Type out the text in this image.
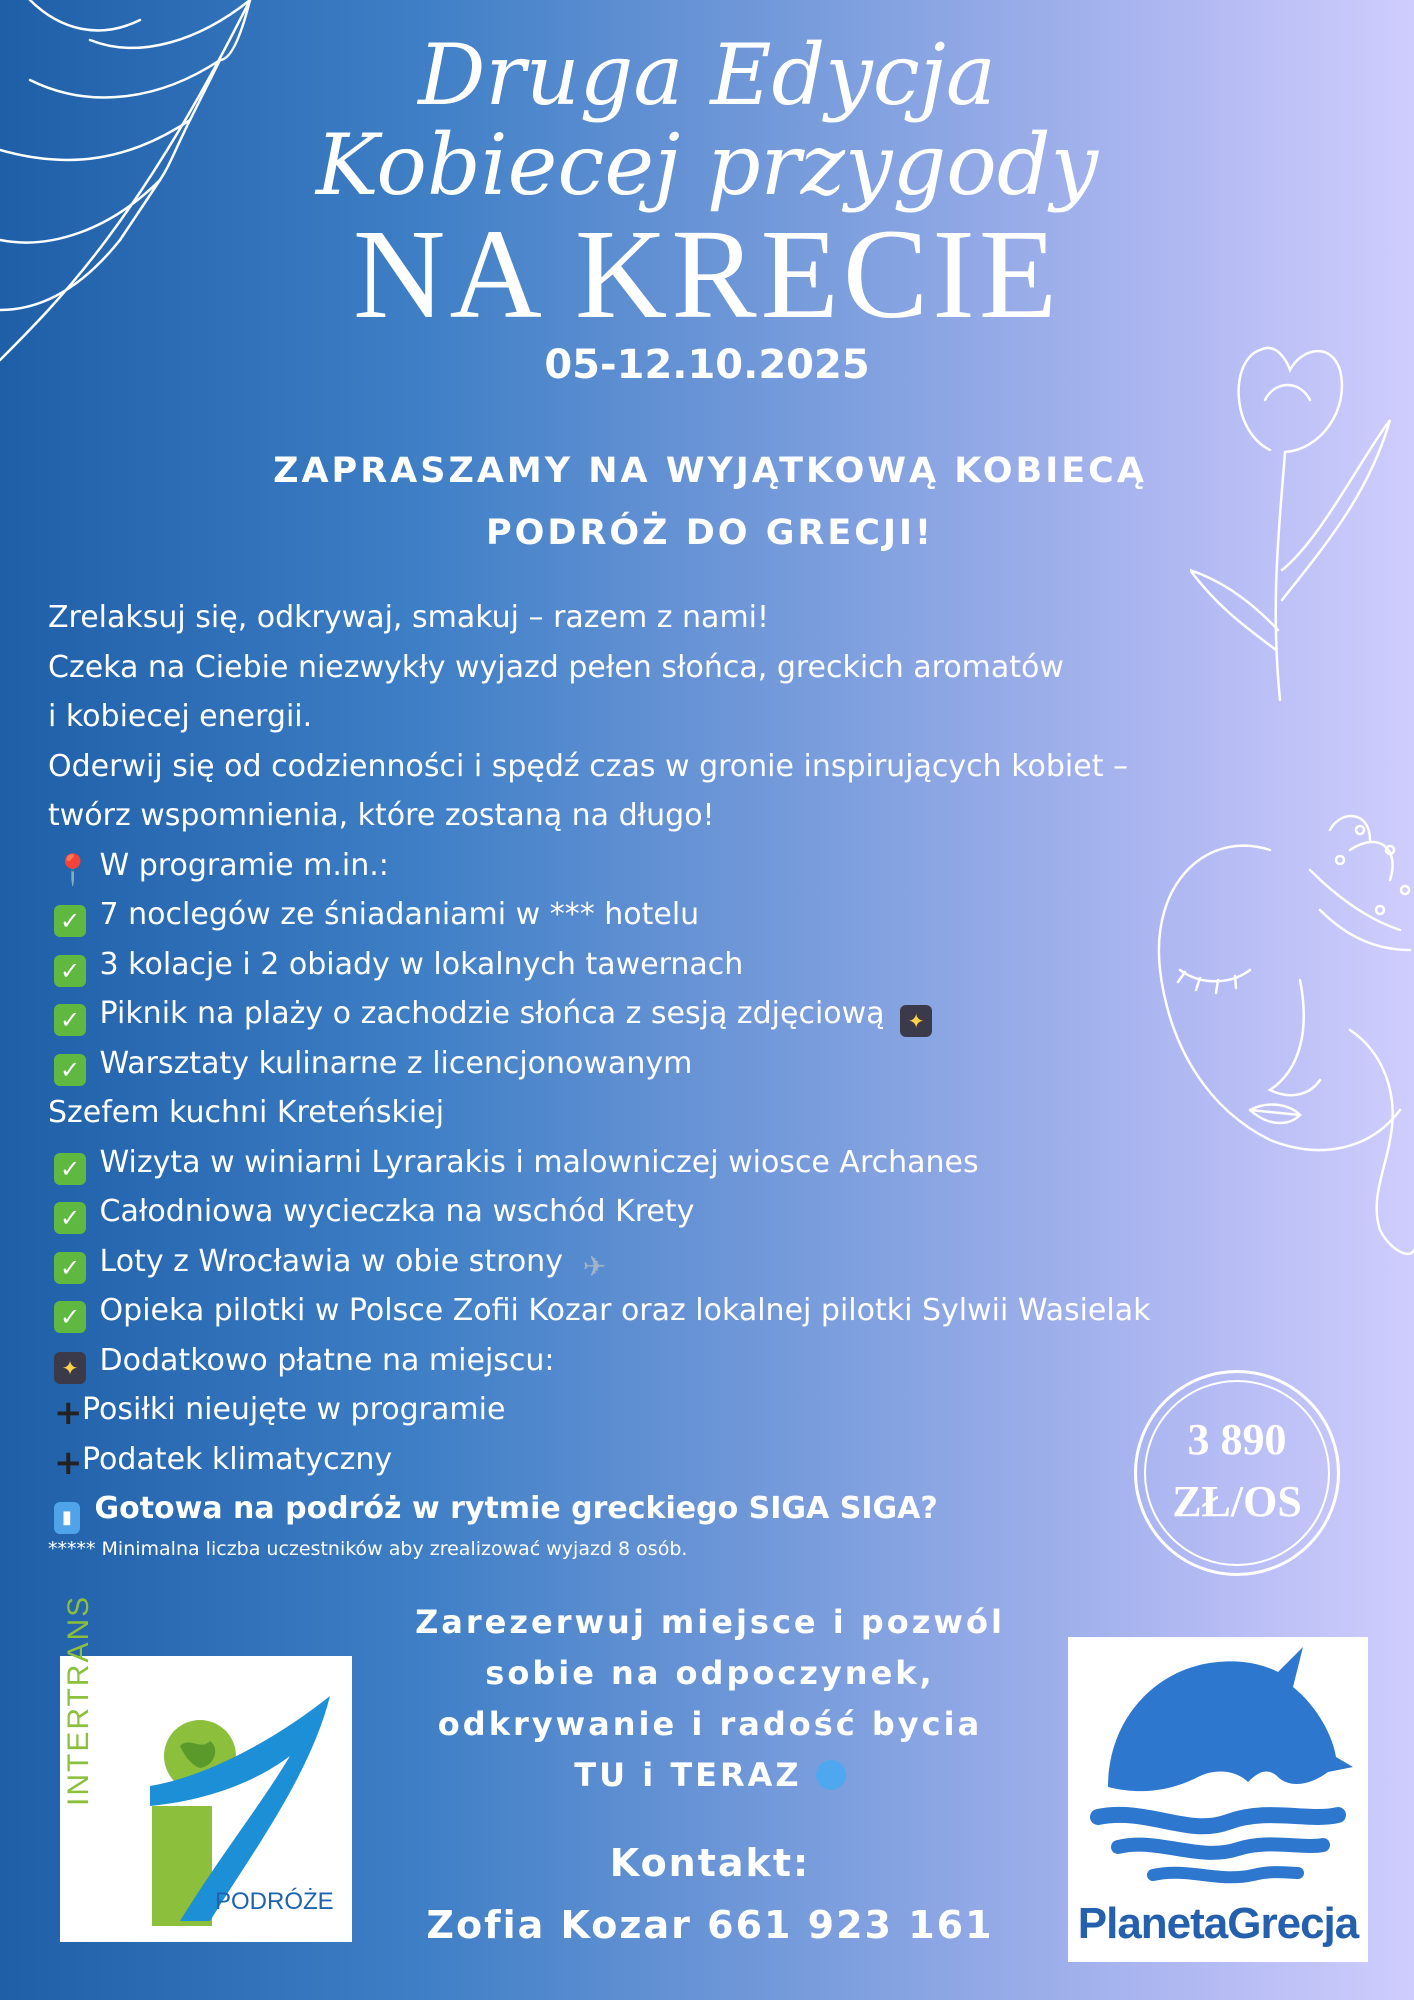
Druga Edycja
Kobiecej przygody
NA KRECIE
05-12.10.2025
ZAPRASZAMY NA WYJĄTKOWĄ KOBIECĄ
PODRÓŻ DO GRECJI!
Zrelaksuj się, odkrywaj, smakuj – razem z nami!
Czeka na Ciebie niezwykły wyjazd pełen słońca, greckich aromatów
i kobiecej energii.
Oderwij się od codzienności i spędź czas w gronie inspirujących kobiet –
twórz wspomnienia, które zostaną na długo!
📍 W programie m.in.:
✓ 7 noclegów ze śniadaniami w *** hotelu
✓ 3 kolacje i 2 obiady w lokalnych tawernach
✓ Piknik na plaży o zachodzie słońca z sesją zdjęciową ✦
✓ Warsztaty kulinarne z licencjonowanym
Szefem kuchni Kreteńskiej
✓ Wizyta w winiarni Lyrarakis i malowniczej wiosce Archanes
✓ Całodniowa wycieczka na wschód Krety
✓ Loty z Wrocławia w obie strony ✈
✓ Opieka pilotki w Polsce Zofii Kozar oraz lokalnej pilotki Sylwii Wasielak
✦ Dodatkowo płatne na miejscu:
+Posiłki nieujęte w programie
+Podatek klimatyczny
▮ Gotowa na podróż w rytmie greckiego SIGA SIGA?
***** Minimalna liczba uczestników aby zrealizować wyjazd 8 osób.
3 890
ZŁ/OS
Zarezerwuj miejsce i pozwól
sobie na odpoczynek,
odkrywanie i radość bycia
TU i TERAZ
Kontakt:
Zofia Kozar 661 923 161
INTERTRANS
PODRÓŻE	PlanetaGrecja
